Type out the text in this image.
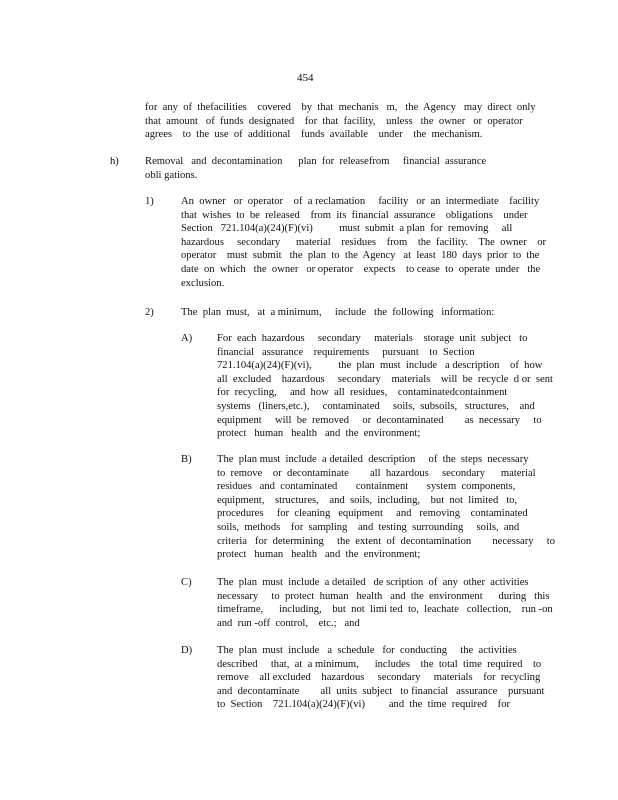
454
for  any  of  thefacilities    covered    by  that  mechanis   m,   the  Agency   may  direct  only
that  amount   of  funds  designated    for  that  facility,    unless   the  owner   or  operator
agrees    to  the  use  of  additional    funds  available    under    the  mechanism.
h) Removal   and  decontamination      plan  for  releasefrom     financial  assurance
obli gations.
1)	An  owner   or  operator    of  a reclamation     facility   or  an  intermediate    facility
that  wishes  to  be  released    from  its  financial  assurance    obligations    under
Section   721.104(a)(24)(F)(vi)          must  submit  a plan  for  removing     all
hazardous     secondary      material    residues    from    the  facility.    The  owner    or
operator    must  submit   the  plan  to  the  Agency   at  least  180  days  prior  to  the
date  on  which   the  owner   or operator    expects    to cease  to  operate  under   the
exclusion.
2)	The  plan  must,   at  a minimum,     include   the  following   information:
A) For  each  hazardous     secondary     materials    storage  unit  subject   to
financial   assurance    requirements     pursuant    to  Section
721.104(a)(24)(F)(vi),          the  plan  must  include   a description    of  how
all  excluded    hazardous     secondary    materials    will  be  recycle  d or  sent
for  recycling,     and  how  all  residues,    contaminatedcontainment
systems   (liners,etc.),     contaminated     soils,  subsoils,   structures,    and
equipment     will  be  removed     or  decontaminated        as  necessary     to
protect   human   health   and  the  environment;
B) The  plan must  include  a detailed  description     of  the  steps  necessary
to  remove    or  decontaminate        all  hazardous     secondary      material
residues   and  contaminated       containment       system  components,
equipment,    structures,    and  soils,  including,    but  not  limited   to,
procedures     for  cleaning   equipment     and   removing    contaminated
soils,  methods    for  sampling    and  testing  surrounding     soils,  and
criteria   for  determining     the  extent  of  decontamination        necessary     to
protect   human   health   and  the  environment;
C) The  plan  must  include  a detailed   de scription  of  any  other  activities
necessary     to  protect  human   health   and  the  environment      during   this
timeframe,      including,    but  not  limi ted  to,  leachate   collection,    run -on
and  run -off  control,    etc.;   and
D) The  plan  must  include   a  schedule   for  conducting     the  activities
described     that,  at  a minimum,      includes    the  total  time  required    to
remove    all excluded    hazardous     secondary     materials    for  recycling
and  decontaminate        all  units  subject   to financial   assurance    pursuant
to  Section    721.104(a)(24)(F)(vi)         and  the  time  required    for
